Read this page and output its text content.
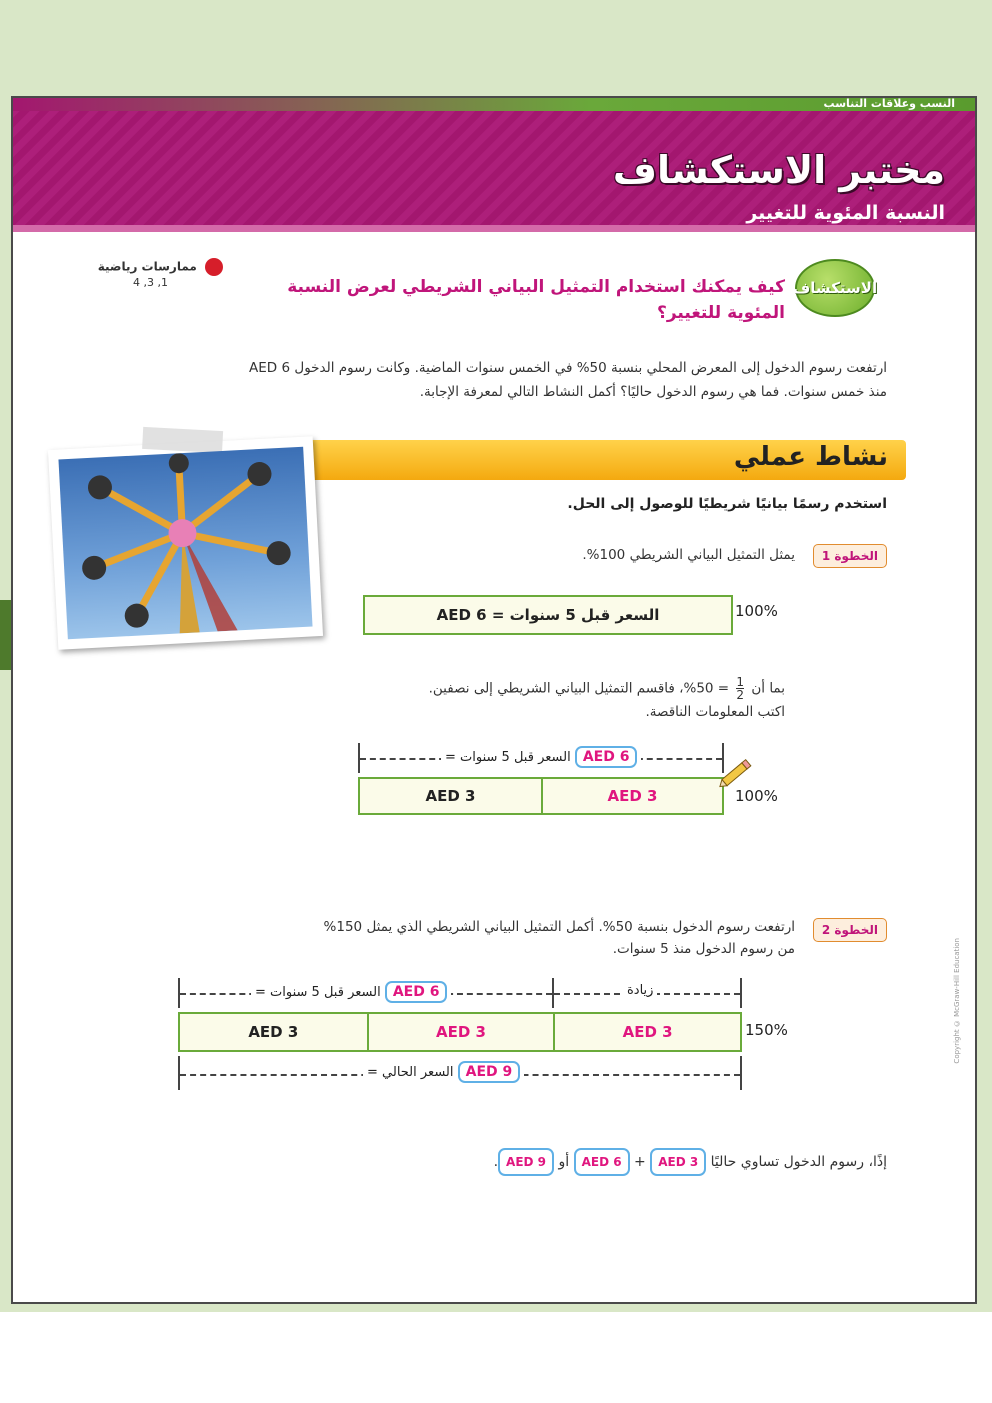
النسب وعلاقات التناسب
مختبر الاستكشاف
النسبة المئوية للتغيير
الاستكشاف
كيف يمكنك استخدام التمثيل البياني الشريطي لعرض النسبة المئوية للتغيير؟
ممارسات رياضية
1, 3, 4
ارتفعت رسوم الدخول إلى المعرض المحلي بنسبة 50% في الخمس سنوات الماضية. وكانت رسوم الدخول AED 6 منذ خمس سنوات. فما هي رسوم الدخول حاليًا؟ أكمل النشاط التالي لمعرفة الإجابة.
نشاط عملي
استخدم رسمًا بيانيًا شريطيًا للوصول إلى الحل.
الخطوة 1
يمثل التمثيل البياني الشريطي 100%.
السعر قبل 5 سنوات = AED 6	100%
بما أن
$\frac{1}{2}$
= 50%، فاقسم التمثيل البياني الشريطي إلى نصفين.
اكتب المعلومات الناقصة.
AED 6 السعر قبل 5 سنوات =
AED 3	AED 3	100%
الخطوة 2
ارتفعت رسوم الدخول بنسبة 50%. أكمل التمثيل البياني الشريطي الذي يمثل 150%
من رسوم الدخول منذ 5 سنوات.
AED 6 السعر قبل 5 سنوات =	زيادة
AED 3	AED 3	AED 3	150%
AED 9 السعر الحالي =
إذًا، رسوم الدخول تساوي حاليًا AED 3 + AED 6 أو AED 9.
Copyright © McGraw-Hill Education
